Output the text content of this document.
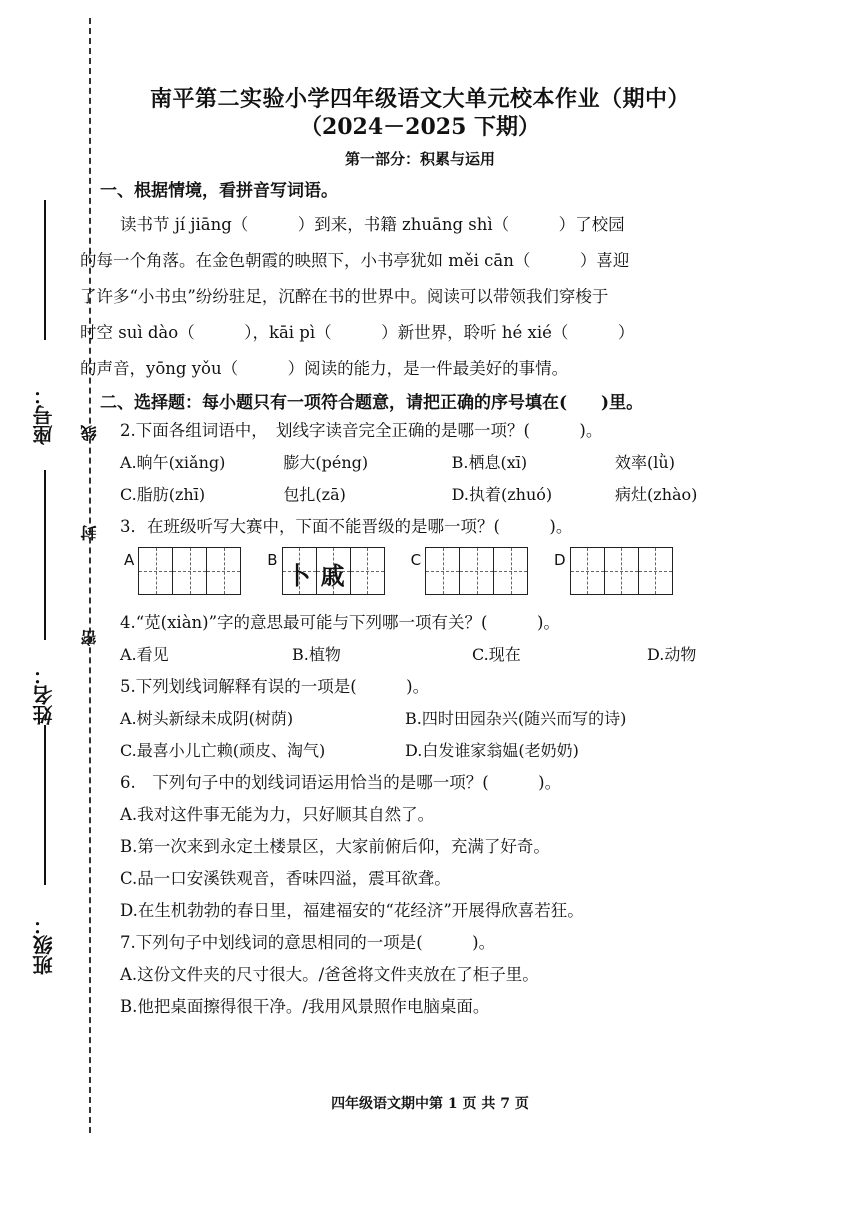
座号：
姓名：
班级：
线
封
密
南平第二实验小学四年级语文大单元校本作业（期中）
（2024－2025 下期）
第一部分：积累与运用
一、根据情境，看拼音写词语。
读书节 jí jiāng（　　　）到来，书籍 zhuāng shì（　　　）了校园
的每一个角落。在金色朝霞的映照下，小书亭犹如 měi cān（　　　）喜迎
了许多“小书虫”纷纷驻足，沉醉在书的世界中。阅读可以带领我们穿梭于
时空 suì dào（　　　），kāi pì（　　　）新世界，聆听 hé xié（　　　）
的声音，yōng yǒu（　　　）阅读的能力，是一件最美好的事情。
二、选择题：每小题只有一项符合题意，请把正确的序号填在(　　)里。
2.下面各组词语中，　划线字读音完全正确的是哪一项？(　　　)。
A.晌午(xiǎng)	膨大(péng)	B.栖息(xī)	效率(lǜ)
C.脂肪(zhī)	包扎(zā)	D.执着(zhuó)	病灶(zhào)
3．在班级听写大赛中，下面不能晋级的是哪一项？(　　　)。
A	B
卜 戚
C	D
4.“苋(xiàn)”字的意思最可能与下列哪一项有关？(　　　)。
A.看见	B.植物	C.现在	D.动物
5.下列划线词解释有误的一项是(　　　)。
A.树头新绿未成阴(树荫)	B.四时田园杂兴(随兴而写的诗)
C.最喜小儿亡赖(顽皮、淘气)	D.白发谁家翁媪(老奶奶)
6.　下列句子中的划线词语运用恰当的是哪一项？(　　　)。
A.我对这件事无能为力，只好顺其自然了。
B.第一次来到永定土楼景区，大家前俯后仰，充满了好奇。
C.品一口安溪铁观音，香味四溢，震耳欲聋。
D.在生机勃勃的春日里，福建福安的“花经济”开展得欣喜若狂。
7.下列句子中划线词的意思相同的一项是(　　　)。
A.这份文件夹的尺寸很大。/爸爸将文件夹放在了柜子里。
B.他把桌面擦得很干净。/我用风景照作电脑桌面。
四年级语文期中第 1 页 共 7 页
